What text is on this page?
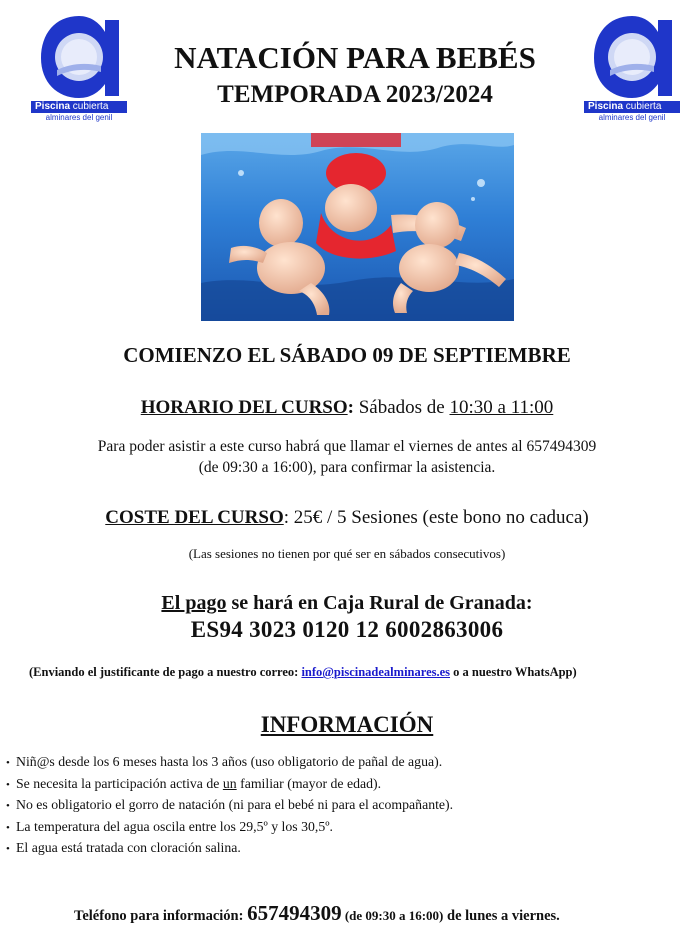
Piscina cubierta
alminares del genil
Piscina cubierta
alminares del genil
NATACIÓN PARA BEBÉS
TEMPORADA 2023/2024

COMIENZO EL SÁBADO 09 DE SEPTIEMBRE

HORARIO DEL CURSO: Sábados de 10:30 a 11:00

Para poder asistir a este curso habrá que llamar el viernes de antes al 657494309

(de 09:30 a 16:00), para confirmar la asistencia.

COSTE DEL CURSO: 25€ / 5 Sesiones (este bono no caduca)

(Las sesiones no tienen por qué ser en sábados consecutivos)

El pago se hará en Caja Rural de Granada:

ES94 3023 0120 12 6002863006

(Enviando el justificante de pago a nuestro correo: info@piscinadealminares.es o a nuestro WhatsApp)

INFORMACIÓN

• Niñ@s desde los 6 meses hasta los 3 años (uso obligatorio de pañal de agua).
• Se necesita la participación activa de un familiar (mayor de edad).
• No es obligatorio el gorro de natación (ni para el bebé ni para el acompañante).
• La temperatura del agua oscila entre los 29,5º y los 30,5º.
• El agua está tratada con cloración salina.

Teléfono para información: 657494309 (de 09:30 a 16:00) de lunes a viernes.
